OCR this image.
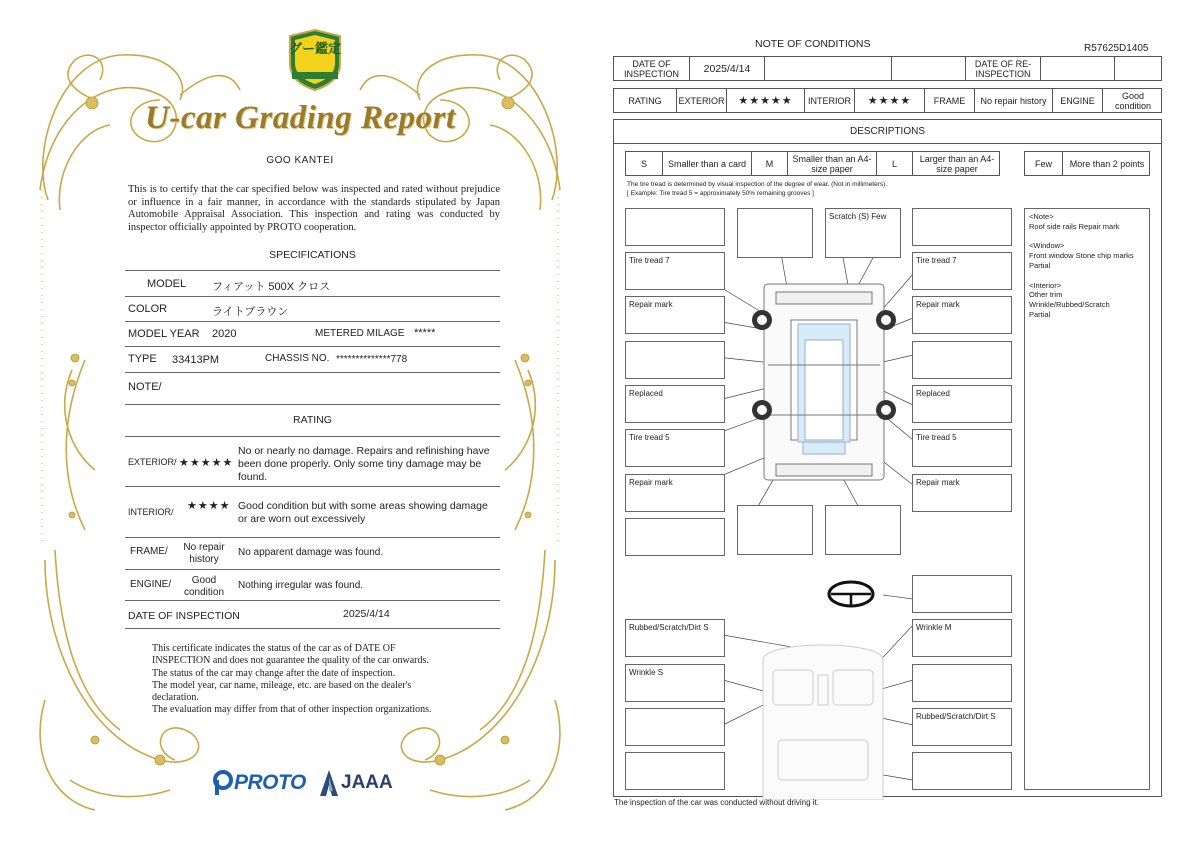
グー鑑定
U-car Grading Report
GOO KANTEI
This is to certify that the car specified below was inspected and rated without prejudice or influence in a fair manner, in accordance with the standards stipulated by Japan Automobile Appraisal Association. This inspection and rating was conducted by inspector officially appointed by PROTO cooperation.
SPECIFICATIONS
MODEL フィアット 500X クロス
COLOR	ライトブラウン
MODEL YEAR 2020	METERED MILAGE *****
TYPE 33413PM	CHASSIS NO. **************778
NOTE/
RATING
EXTERIOR/ ★★★★★
No or nearly no damage. Repairs and refinishing have been done properly. Only some tiny damage may be found.
INTERIOR/ ★★★★ Good condition but with some areas showing damage or are worn out excessively
FRAME/	No repair history
No apparent damage was found.
ENGINE/	Good condition
Nothing irregular was found.
DATE OF INSPECTION	2025/4/14
This certificate indicates the status of the car as of DATE OF
INSPECTION and does not guarantee the quality of the car onwards.
The status of the car may change after the date of inspection.
The model year, car name, mileage, etc. are based on the dealer's
declaration.
The evaluation may differ from that of other inspection organizations.
PROTO JAAA
NOTE OF CONDITIONS	R57625D1405
DATE OF INSPECTION	2025/4/14	DATE OF RE-INSPECTION
RATING	EXTERIOR	★★★★★	INTERIOR	★★★★	FRAME	No repair history	ENGINE	Good condition
DESCRIPTIONS
S	Smaller than a card	M	Smaller than an A4-size paper	L	Larger than an A4-size paper	Few	More than 2 points
The tire tread is determined by visual inspection of the degree of wear. (Not in millimeters).
[ Example: Tire tread 5 = approximately 50% remaining grooves ]
Scratch (S) Few
Tire tread 7	Tire tread 7
Repair mark	Repair mark
Replaced	Replaced
Tire tread 5	Tire tread 5
Repair mark	Repair mark
Rubbed/Scratch/Dirt S	Wrinkle M
Wrinkle S
Rubbed/Scratch/Dirt S
<Note>
Roof side rails Repair mark

<Window>
Front window Stone chip marks
Partial

<Interior>
Other trim
Wrinkle/Rubbed/Scratch
Partial
The inspection of the car was conducted without driving it.
